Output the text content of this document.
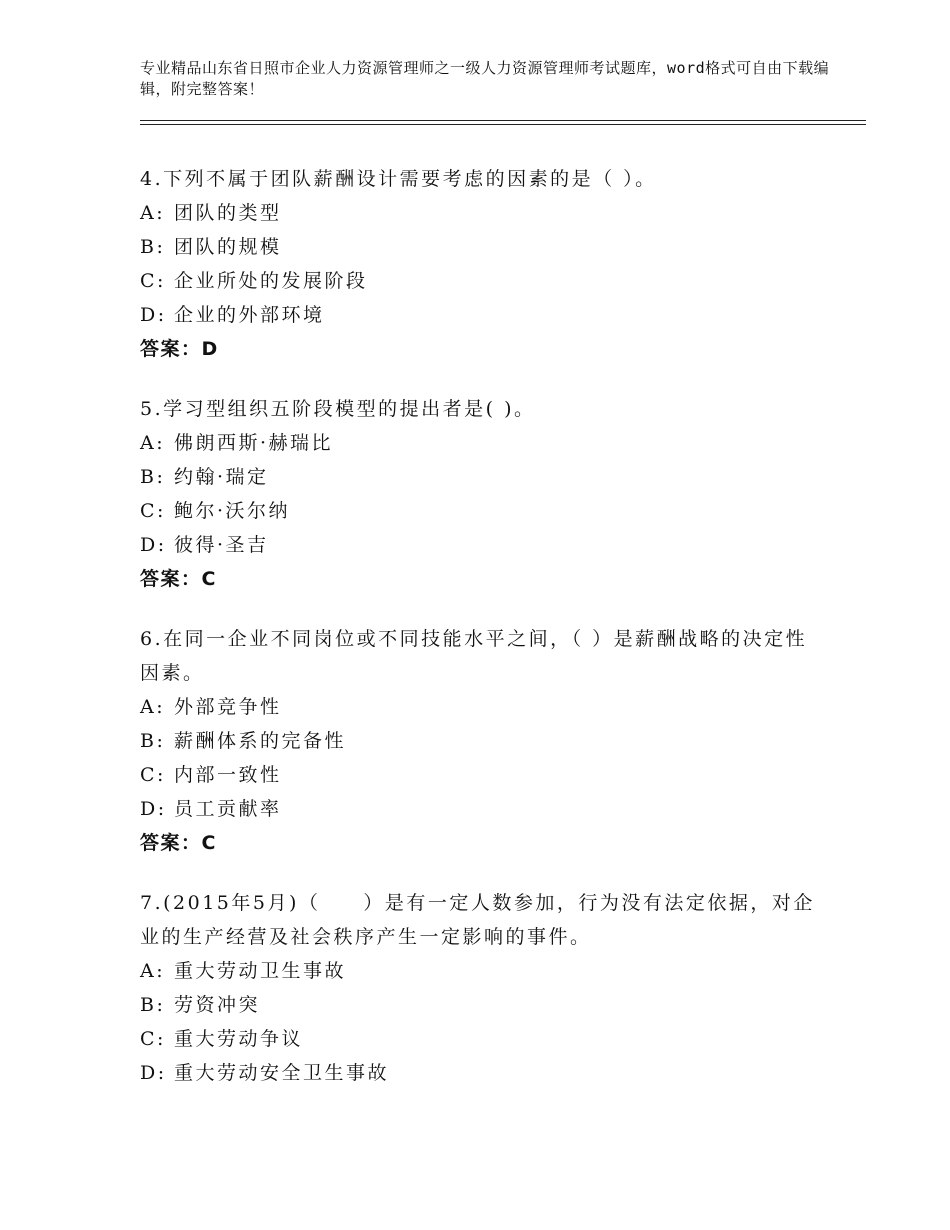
专业精品山东省日照市企业人力资源管理师之一级人力资源管理师考试题库，word格式可自由下载编辑，附完整答案！
4.下列不属于团队薪酬设计需要考虑的因素的是（ ）。
A: 团队的类型
B: 团队的规模
C: 企业所处的发展阶段
D: 企业的外部环境
答案：D
5.学习型组织五阶段模型的提出者是( )。
A: 佛朗西斯·赫瑞比
B: 约翰·瑞定
C: 鲍尔·沃尔纳
D: 彼得·圣吉
答案：C
6.在同一企业不同岗位或不同技能水平之间，（ ）是薪酬战略的决定性因素。
A: 外部竞争性
B: 薪酬体系的完备性
C: 内部一致性
D: 员工贡献率
答案：C
7.(2015年5月)（　　）是有一定人数参加，行为没有法定依据，对企业的生产经营及社会秩序产生一定影响的事件。
A: 重大劳动卫生事故
B: 劳资冲突
C: 重大劳动争议
D: 重大劳动安全卫生事故
